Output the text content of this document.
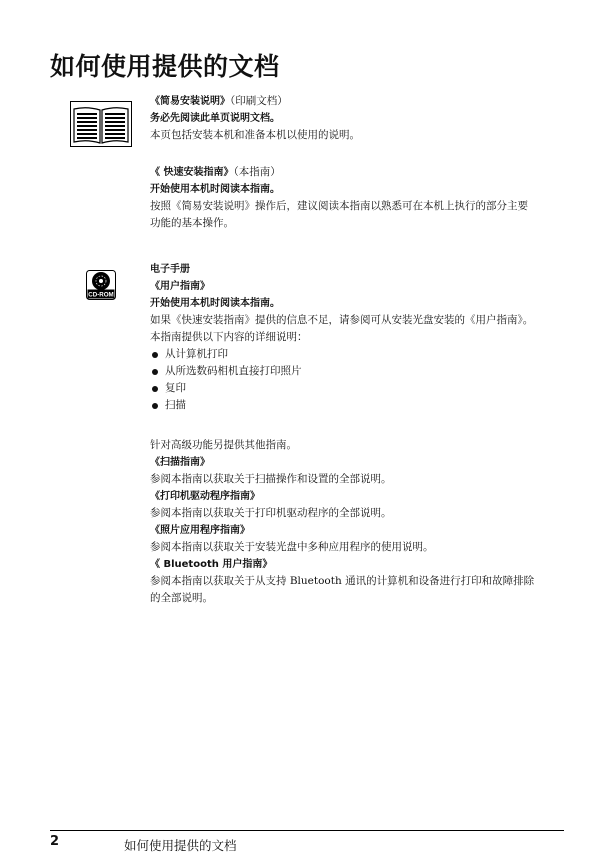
如何使用提供的文档
CD-ROM
《简易安装说明》（印刷文档）
务必先阅读此单页说明文档。
本页包括安装本机和准备本机以使用的说明。
《 快速安装指南》（本指南）
开始使用本机时阅读本指南。
按照《简易安装说明》操作后，建议阅读本指南以熟悉可在本机上执行的部分主要
功能的基本操作。
电子手册
《用户指南》
开始使用本机时阅读本指南。
如果《快速安装指南》提供的信息不足，请参阅可从安装光盘安装的《用户指南》。
本指南提供以下内容的详细说明：
从计算机打印
从所选数码相机直接打印照片
复印
扫描
针对高级功能另提供其他指南。
《扫描指南》
参阅本指南以获取关于扫描操作和设置的全部说明。
《打印机驱动程序指南》
参阅本指南以获取关于打印机驱动程序的全部说明。
《照片应用程序指南》
参阅本指南以获取关于安装光盘中多种应用程序的使用说明。
《 Bluetooth 用户指南》
参阅本指南以获取关于从支持 Bluetooth 通讯的计算机和设备进行打印和故障排除
的全部说明。
2	如何使用提供的文档
